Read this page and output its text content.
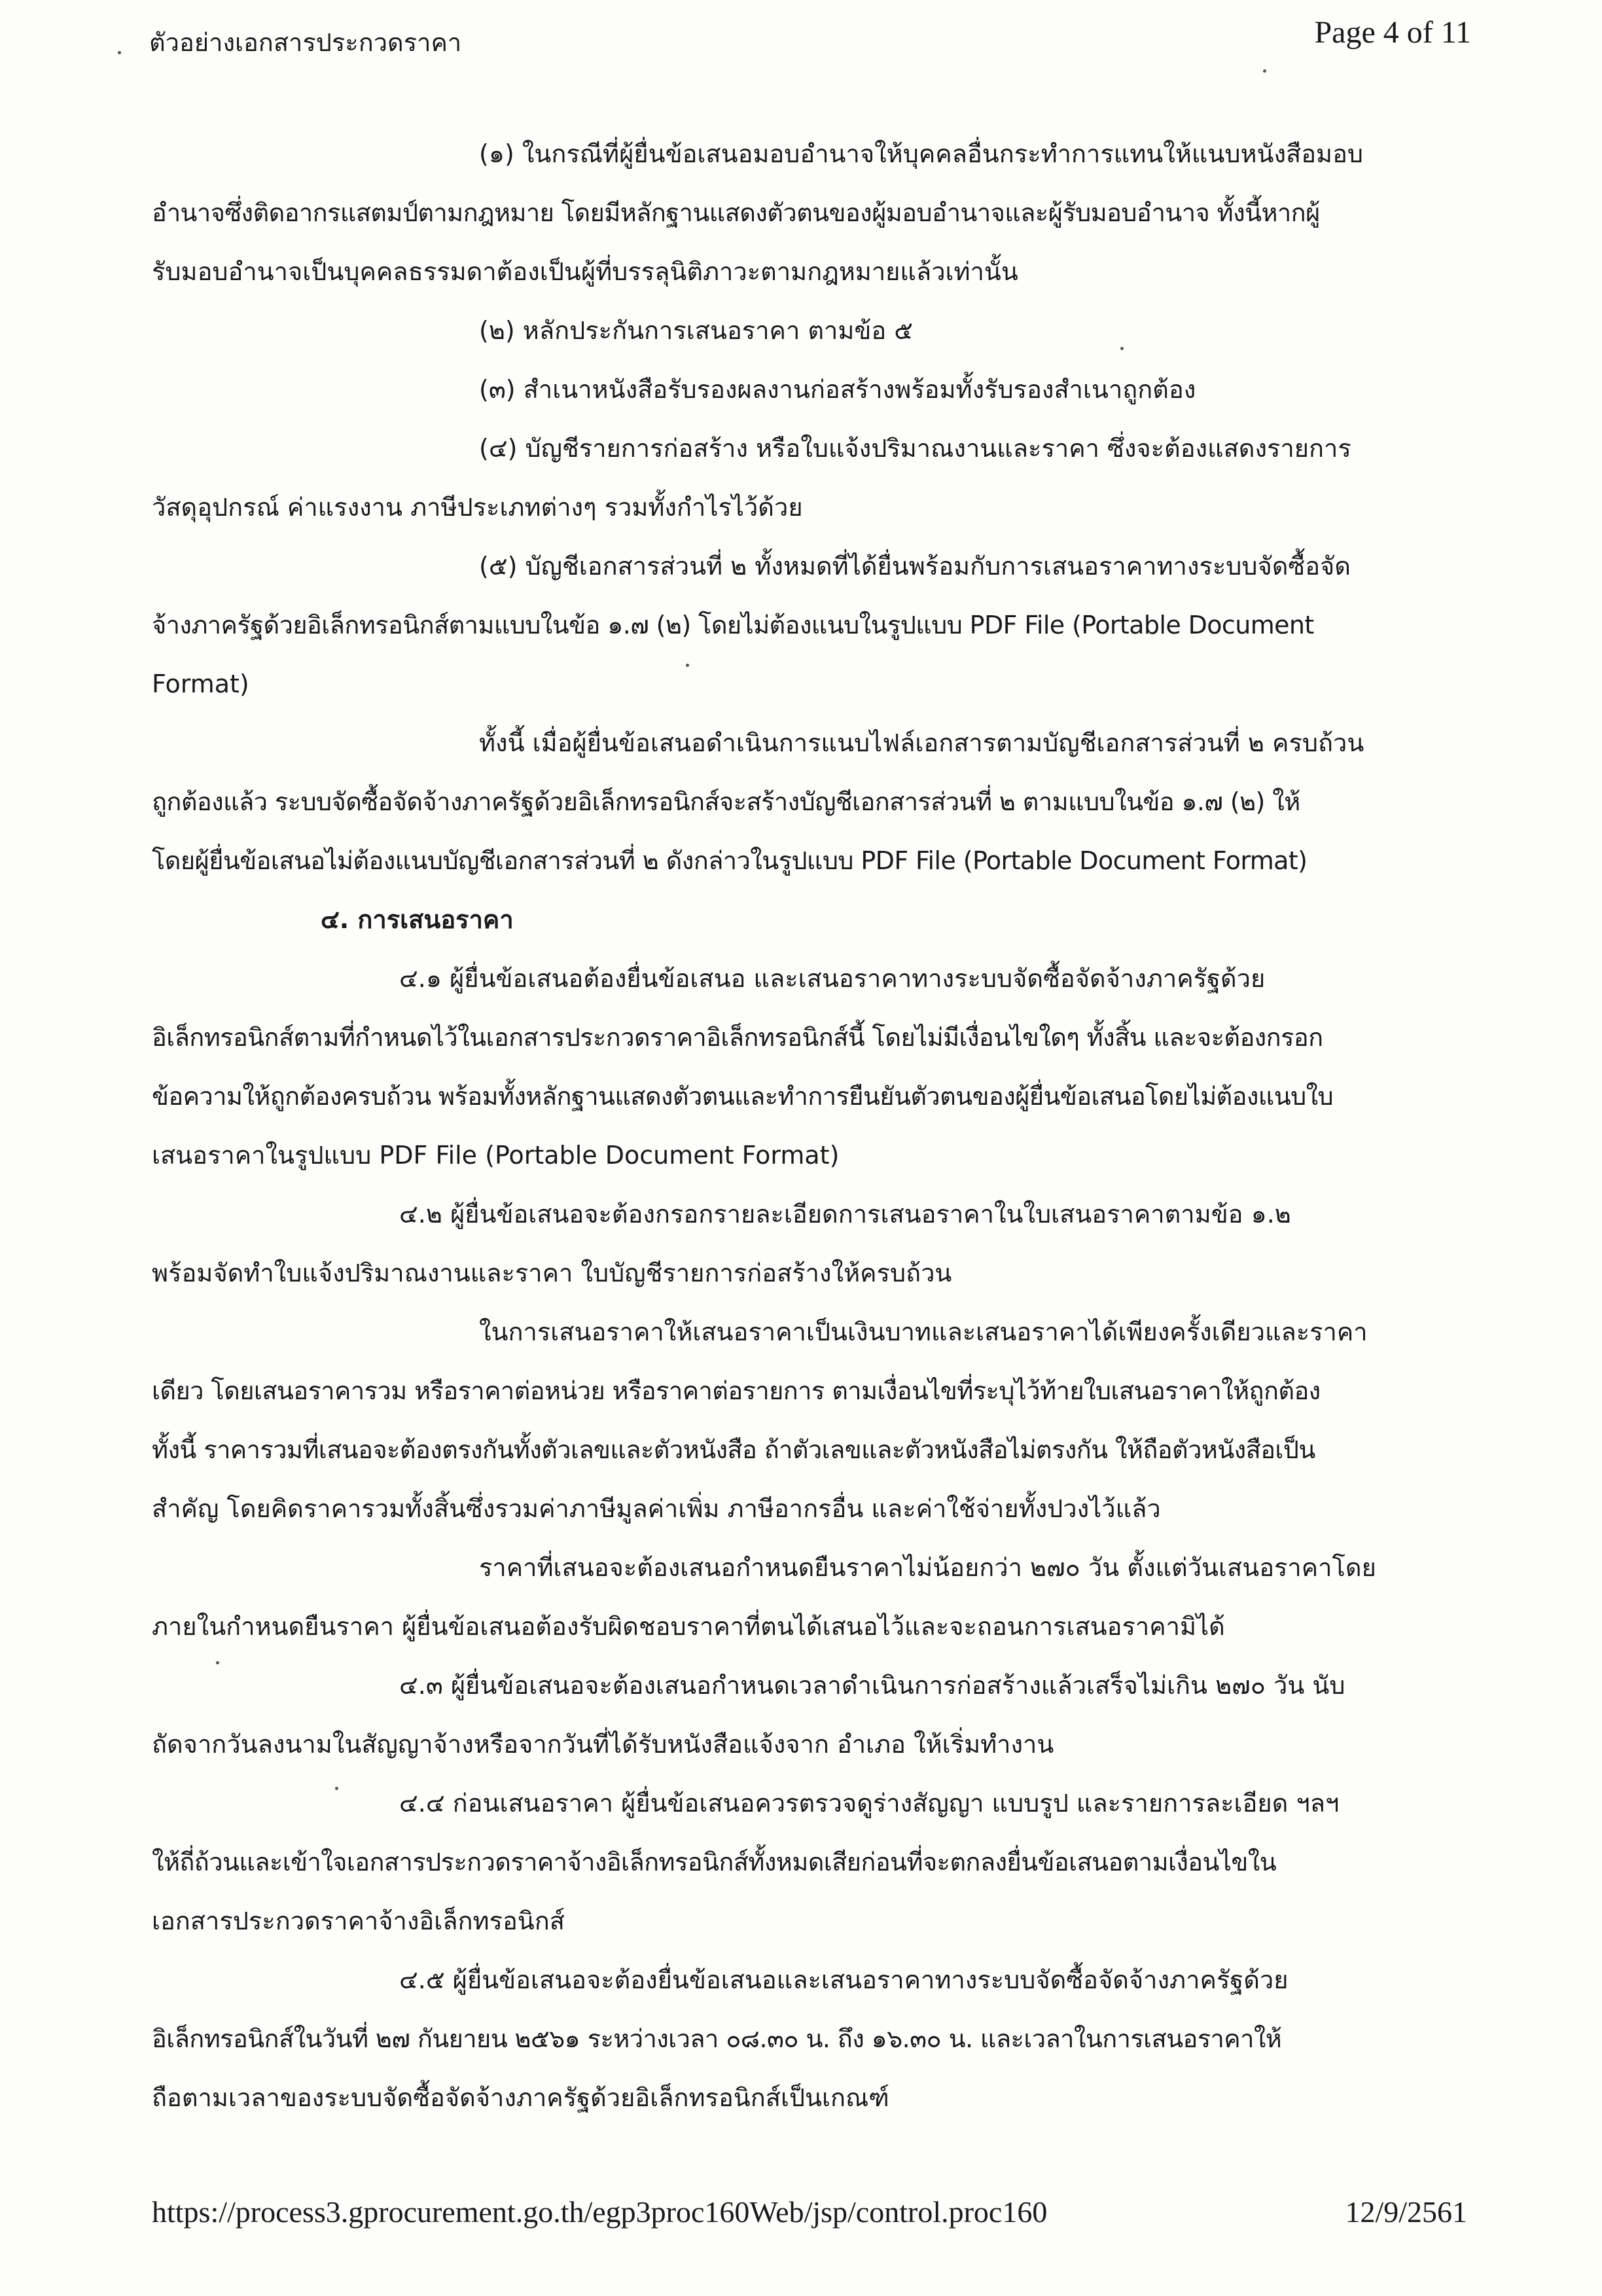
ตัวอย่างเอกสารประกวดราคา	Page 4 of 11
(๑) ในกรณีที่ผู้ยื่นข้อเสนอมอบอำนาจให้บุคคลอื่นกระทำการแทนให้แนบหนังสือมอบ
อำนาจซึ่งติดอากรแสตมป์ตามกฎหมาย โดยมีหลักฐานแสดงตัวตนของผู้มอบอำนาจและผู้รับมอบอำนาจ ทั้งนี้หากผู้
รับมอบอำนาจเป็นบุคคลธรรมดาต้องเป็นผู้ที่บรรลุนิติภาวะตามกฎหมายแล้วเท่านั้น
(๒) หลักประกันการเสนอราคา ตามข้อ ๕
(๓) สำเนาหนังสือรับรองผลงานก่อสร้างพร้อมทั้งรับรองสำเนาถูกต้อง
(๔) บัญชีรายการก่อสร้าง หรือใบแจ้งปริมาณงานและราคา ซึ่งจะต้องแสดงรายการ
วัสดุอุปกรณ์ ค่าแรงงาน ภาษีประเภทต่างๆ รวมทั้งกำไรไว้ด้วย
(๕) บัญชีเอกสารส่วนที่ ๒ ทั้งหมดที่ได้ยื่นพร้อมกับการเสนอราคาทางระบบจัดซื้อจัด
จ้างภาครัฐด้วยอิเล็กทรอนิกส์ตามแบบในข้อ ๑.๗ (๒) โดยไม่ต้องแนบในรูปแบบ PDF File (Portable Document
Format)
ทั้งนี้ เมื่อผู้ยื่นข้อเสนอดำเนินการแนบไฟล์เอกสารตามบัญชีเอกสารส่วนที่ ๒ ครบถ้วน
ถูกต้องแล้ว ระบบจัดซื้อจัดจ้างภาครัฐด้วยอิเล็กทรอนิกส์จะสร้างบัญชีเอกสารส่วนที่ ๒ ตามแบบในข้อ ๑.๗ (๒) ให้
โดยผู้ยื่นข้อเสนอไม่ต้องแนบบัญชีเอกสารส่วนที่ ๒ ดังกล่าวในรูปแบบ PDF File (Portable Document Format)
๔. การเสนอราคา
๔.๑ ผู้ยื่นข้อเสนอต้องยื่นข้อเสนอ และเสนอราคาทางระบบจัดซื้อจัดจ้างภาครัฐด้วย
อิเล็กทรอนิกส์ตามที่กำหนดไว้ในเอกสารประกวดราคาอิเล็กทรอนิกส์นี้ โดยไม่มีเงื่อนไขใดๆ ทั้งสิ้น และจะต้องกรอก
ข้อความให้ถูกต้องครบถ้วน พร้อมทั้งหลักฐานแสดงตัวตนและทำการยืนยันตัวตนของผู้ยื่นข้อเสนอโดยไม่ต้องแนบใบ
เสนอราคาในรูปแบบ PDF File (Portable Document Format)
๔.๒ ผู้ยื่นข้อเสนอจะต้องกรอกรายละเอียดการเสนอราคาในใบเสนอราคาตามข้อ ๑.๒
พร้อมจัดทำใบแจ้งปริมาณงานและราคา ใบบัญชีรายการก่อสร้างให้ครบถ้วน
ในการเสนอราคาให้เสนอราคาเป็นเงินบาทและเสนอราคาได้เพียงครั้งเดียวและราคา
เดียว โดยเสนอราคารวม หรือราคาต่อหน่วย หรือราคาต่อรายการ ตามเงื่อนไขที่ระบุไว้ท้ายใบเสนอราคาให้ถูกต้อง
ทั้งนี้ ราคารวมที่เสนอจะต้องตรงกันทั้งตัวเลขและตัวหนังสือ ถ้าตัวเลขและตัวหนังสือไม่ตรงกัน ให้ถือตัวหนังสือเป็น
สำคัญ โดยคิดราคารวมทั้งสิ้นซึ่งรวมค่าภาษีมูลค่าเพิ่ม ภาษีอากรอื่น และค่าใช้จ่ายทั้งปวงไว้แล้ว
ราคาที่เสนอจะต้องเสนอกำหนดยืนราคาไม่น้อยกว่า ๒๗๐ วัน ตั้งแต่วันเสนอราคาโดย
ภายในกำหนดยืนราคา ผู้ยื่นข้อเสนอต้องรับผิดชอบราคาที่ตนได้เสนอไว้และจะถอนการเสนอราคามิได้
๔.๓ ผู้ยื่นข้อเสนอจะต้องเสนอกำหนดเวลาดำเนินการก่อสร้างแล้วเสร็จไม่เกิน ๒๗๐ วัน นับ
ถัดจากวันลงนามในสัญญาจ้างหรือจากวันที่ได้รับหนังสือแจ้งจาก อำเภอ ให้เริ่มทำงาน
๔.๔ ก่อนเสนอราคา ผู้ยื่นข้อเสนอควรตรวจดูร่างสัญญา แบบรูป และรายการละเอียด ฯลฯ
ให้ถี่ถ้วนและเข้าใจเอกสารประกวดราคาจ้างอิเล็กทรอนิกส์ทั้งหมดเสียก่อนที่จะตกลงยื่นข้อเสนอตามเงื่อนไขใน
เอกสารประกวดราคาจ้างอิเล็กทรอนิกส์
๔.๕ ผู้ยื่นข้อเสนอจะต้องยื่นข้อเสนอและเสนอราคาทางระบบจัดซื้อจัดจ้างภาครัฐด้วย
อิเล็กทรอนิกส์ในวันที่ ๒๗ กันยายน ๒๕๖๑ ระหว่างเวลา ๐๘.๓๐ น. ถึง ๑๖.๓๐ น. และเวลาในการเสนอราคาให้
ถือตามเวลาของระบบจัดซื้อจัดจ้างภาครัฐด้วยอิเล็กทรอนิกส์เป็นเกณฑ์
https://process3.gprocurement.go.th/egp3proc160Web/jsp/control.proc160	12/9/2561
